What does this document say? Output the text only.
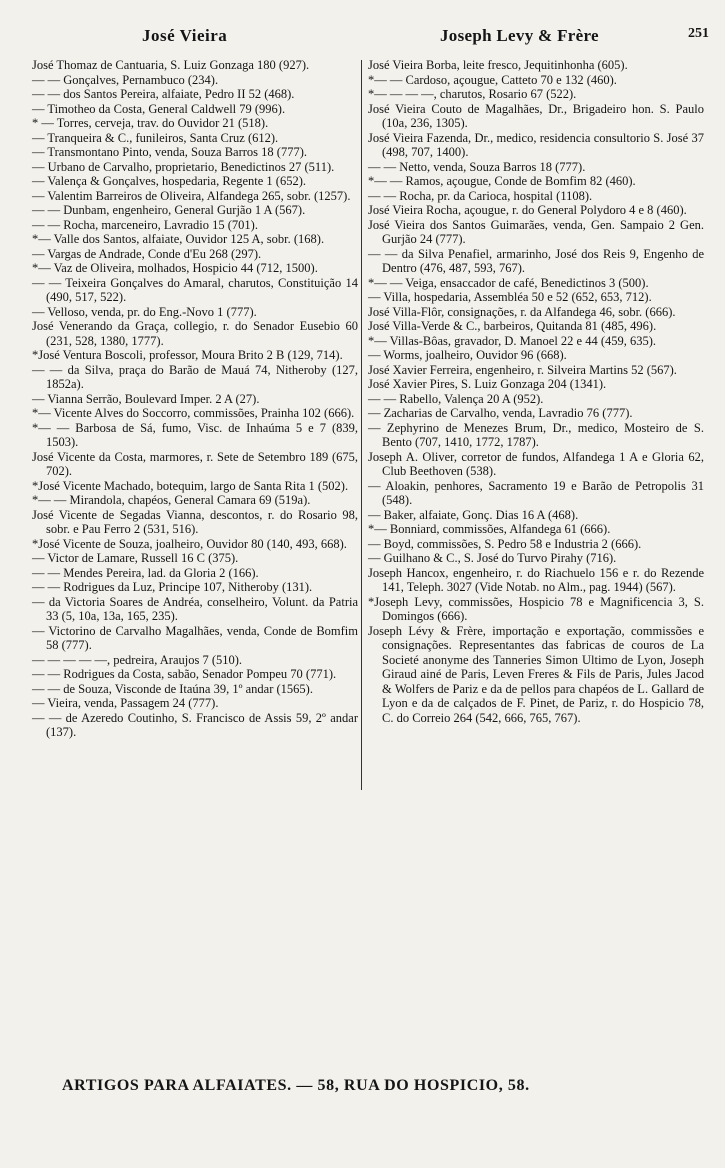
José Vieira	Joseph Levy & Frère	251

José Thomaz de Cantuaria, S. Luiz Gonzaga 180 (927).

— — Gonçalves, Pernambuco (234).

— — dos Santos Pereira, alfaiate, Pedro II 52 (468).

— Timotheo da Costa, General Caldwell 79 (996).

* — Torres, cerveja, trav. do Ouvidor 21 (518).

— Tranqueira & C., funileiros, Santa Cruz (612).

— Transmontano Pinto, venda, Souza Barros 18 (777).

— Urbano de Carvalho, proprietario, Benedictinos 27 (511).

— Valença & Gonçalves, hospedaria, Regente 1 (652).

— Valentim Barreiros de Oliveira, Alfandega 265, sobr. (1257).

— — Dunbam, engenheiro, General Gurjão 1 A (567).

— — Rocha, marceneiro, Lavradio 15 (701).

*— Valle dos Santos, alfaiate, Ouvidor 125 A, sobr. (168).

— Vargas de Andrade, Conde d'Eu 268 (297).

*— Vaz de Oliveira, molhados, Hospicio 44 (712, 1500).

— — Teixeira Gonçalves do Amaral, charutos, Constituição 14 (490, 517, 522).

— Velloso, venda, pr. do Eng.-Novo 1 (777).

José Venerando da Graça, collegio, r. do Senador Eusebio 60 (231, 528, 1380, 1777).

*José Ventura Boscoli, professor, Moura Brito 2 B (129, 714).

— — da Silva, praça do Barão de Mauá 74, Nitheroby (127, 1852a).

— Vianna Serrão, Boulevard Imper. 2 A (27).

*— Vicente Alves do Soccorro, commissões, Prainha 102 (666).

*— — Barbosa de Sá, fumo, Visc. de Inhaúma 5 e 7 (839, 1503).

José Vicente da Costa, marmores, r. Sete de Setembro 189 (675, 702).

*José Vicente Machado, botequim, largo de Santa Rita 1 (502).

*— — Mirandola, chapéos, General Camara 69 (519a).

José Vicente de Segadas Vianna, descontos, r. do Rosario 98, sobr. e Pau Ferro 2 (531, 516).

*José Vicente de Souza, joalheiro, Ouvidor 80 (140, 493, 668).

— Victor de Lamare, Russell 16 C (375).

— — Mendes Pereira, lad. da Gloria 2 (166).

— — Rodrigues da Luz, Principe 107, Nitheroby (131).

— da Victoria Soares de Andréa, conselheiro, Volunt. da Patria 33 (5, 10a, 13a, 165, 235).

— Victorino de Carvalho Magalhães, venda, Conde de Bomfim 58 (777).

— — — — —, pedreira, Araujos 7 (510).

— — Rodrigues da Costa, sabão, Senador Pompeu 70 (771).

— — de Souza, Visconde de Itaúna 39, 1º andar (1565).

— Vieira, venda, Passagem 24 (777).

— — de Azeredo Coutinho, S. Francisco de Assis 59, 2º andar (137).

José Vieira Borba, leite fresco, Jequitinhonha (605).

*— — Cardoso, açougue, Catteto 70 e 132 (460).

*— — — —, charutos, Rosario 67 (522).

José Vieira Couto de Magalhães, Dr., Brigadeiro hon. S. Paulo (10a, 236, 1305).

José Vieira Fazenda, Dr., medico, residencia consultorio S. José 37 (498, 707, 1400).

— — Netto, venda, Souza Barros 18 (777).

*— — Ramos, açougue, Conde de Bomfim 82 (460).

— — Rocha, pr. da Carioca, hospital (1108).

José Vieira Rocha, açougue, r. do General Polydoro 4 e 8 (460).

José Vieira dos Santos Guimarães, venda, Gen. Sampaio 2 Gen. Gurjão 24 (777).

— — da Silva Penafiel, armarinho, José dos Reis 9, Engenho de Dentro (476, 487, 593, 767).

*— — Veiga, ensaccador de café, Benedictinos 3 (500).

— Villa, hospedaria, Assembléa 50 e 52 (652, 653, 712).

José Villa-Flôr, consignações, r. da Alfandega 46, sobr. (666).

José Villa-Verde & C., barbeiros, Quitanda 81 (485, 496).

*— Villas-Bôas, gravador, D. Manoel 22 e 44 (459, 635).

— Worms, joalheiro, Ouvidor 96 (668).

José Xavier Ferreira, engenheiro, r. Silveira Martins 52 (567).

José Xavier Pires, S. Luiz Gonzaga 204 (1341).

— — Rabello, Valença 20 A (952).

— Zacharias de Carvalho, venda, Lavradio 76 (777).

— Zephyrino de Menezes Brum, Dr., medico, Mosteiro de S. Bento (707, 1410, 1772, 1787).

Joseph A. Oliver, corretor de fundos, Alfandega 1 A e Gloria 62, Club Beethoven (538).

— Aloakin, penhores, Sacramento 19 e Barão de Petropolis 31 (548).

— Baker, alfaiate, Gonç. Dias 16 A (468).

*— Bonniard, commissões, Alfandega 61 (666).

— Boyd, commissões, S. Pedro 58 e Industria 2 (666).

— Guilhano & C., S. José do Turvo Pirahy (716).

Joseph Hancox, engenheiro, r. do Riachuelo 156 e r. do Rezende 141, Teleph. 3027 (Vide Notab. no Alm., pag. 1944) (567).

*Joseph Levy, commissões, Hospicio 78 e Magnificencia 3, S. Domingos (666).

Joseph Lévy & Frère, importação e exportação, commissões e consignações. Representantes das fabricas de couros de La Societé anonyme des Tanneries Simon Ultimo de Lyon, Joseph Giraud ainé de Paris, Leven Freres & Fils de Paris, Jules Jacod & Wolfers de Pariz e da de pellos para chapéos de L. Gallard de Lyon e da de calçados de F. Pinet, de Pariz, r. do Hospicio 78, C. do Correio 264 (542, 666, 765, 767).

ARTIGOS PARA ALFAIATES. — 58, RUA DO HOSPICIO, 58.
